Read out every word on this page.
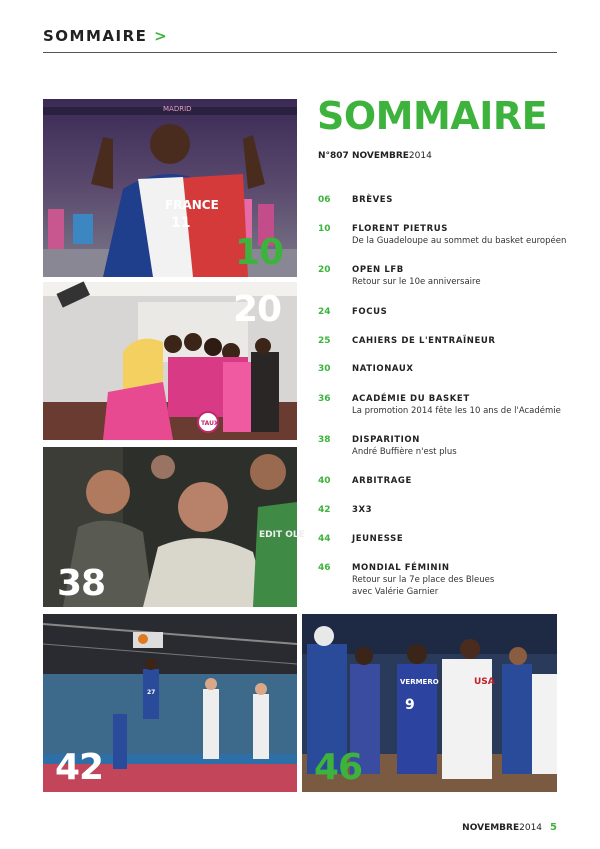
SOMMAIRE >
MADRID
FRANCE
11
10
TAUX
20
EDIT OLE
38
27
42
USA
9
VERMERO
46
SOMMAIRE
N°807 NOVEMBRE2014
06	BRÈVES
10	FLORENT PIETRUS
De la Guadeloupe au sommet du basket européen
20	OPEN LFB
Retour sur le 10e anniversaire
24	FOCUS
25	CAHIERS DE L'ENTRAÎNEUR
30	NATIONAUX
36	ACADÉMIE DU BASKET
La promotion 2014 fête les 10 ans de l'Académie
38	DISPARITION
André Buffière n'est plus
40	ARBITRAGE
42	3X3
44	JEUNESSE
46	MONDIAL FÉMININ
Retour sur la 7e place des Bleues
avec Valérie Garnier
NOVEMBRE2014 5
